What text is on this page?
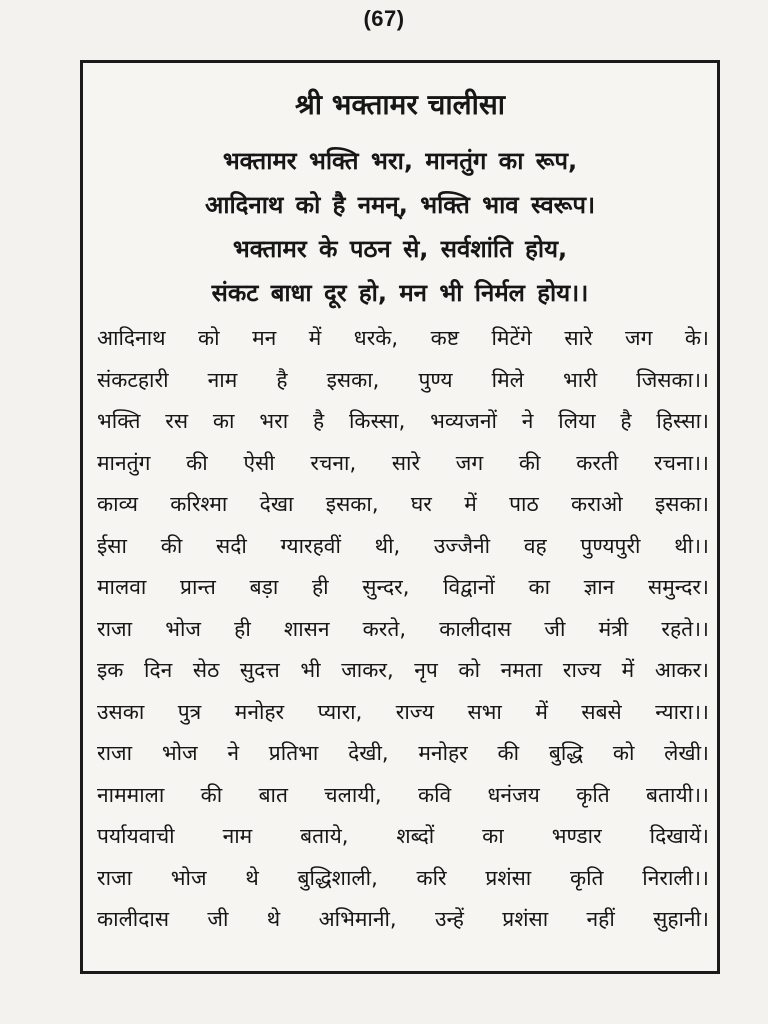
(67)
श्री भक्तामर चालीसा
भक्तामर भक्ति भरा, मानतुंग का रूप,
आदिनाथ को है नमन्, भक्ति भाव स्वरूप।
भक्तामर के पठन से, सर्वशांति होय,
संकट बाधा दूर हो, मन भी निर्मल होय।।
आदिनाथ को मन में धरके, कष्ट मिटेंगे सारे जग के।
संकटहारी नाम है इसका, पुण्य मिले भारी जिसका।।
भक्ति रस का भरा है किस्सा, भव्यजनों ने लिया है हिस्सा।
मानतुंग की ऐसी रचना, सारे जग की करती रचना।।
काव्य करिश्मा देखा इसका, घर में पाठ कराओ इसका।
ईसा की सदी ग्यारहवीं थी, उज्जैनी वह पुण्यपुरी थी।।
मालवा प्रान्त बड़ा ही सुन्दर, विद्वानों का ज्ञान समुन्दर।
राजा भोज ही शासन करते, कालीदास जी मंत्री रहते।।
इक दिन सेठ सुदत्त भी जाकर, नृप को नमता राज्य में आकर।
उसका पुत्र मनोहर प्यारा, राज्य सभा में सबसे न्यारा।।
राजा भोज ने प्रतिभा देखी, मनोहर की बुद्धि को लेखी।
नाममाला की बात चलायी, कवि धनंजय कृति बतायी।।
पर्यायवाची नाम बताये, शब्दों का भण्डार दिखायें।
राजा भोज थे बुद्धिशाली, करि प्रशंसा कृति निराली।।
कालीदास जी थे अभिमानी, उन्हें प्रशंसा नहीं सुहानी।
